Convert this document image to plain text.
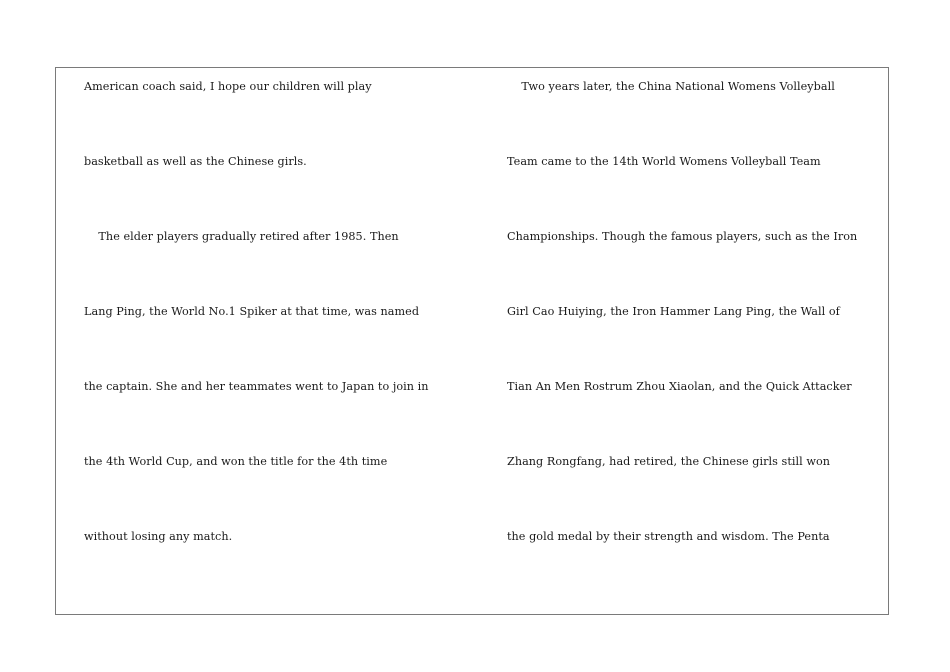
American coach said, I hope our children will play
basketball as well as the Chinese girls.
The elder players gradually retired after 1985. Then
Lang Ping, the World No.1 Spiker at that time, was named
the captain. She and her teammates went to Japan to join in
the 4th World Cup, and won the title for the 4th time
without losing any match.
Two years later, the China National Womens Volleyball
Team came to the 14th World Womens Volleyball Team
Championships. Though the famous players, such as the Iron
Girl Cao Huiying, the Iron Hammer Lang Ping, the Wall of
Tian An Men Rostrum Zhou Xiaolan, and the Quick Attacker
Zhang Rongfang, had retired, the Chinese girls still won
the gold medal by their strength and wisdom. The Penta
